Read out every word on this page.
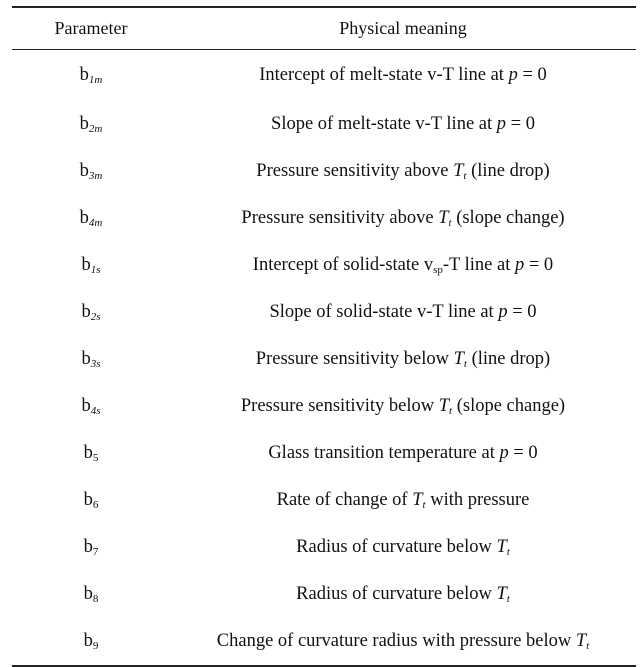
Parameter	Physical meaning
$b_{1m}$	Intercept of melt-state v-T line at p = 0
$b_{2m}$	Slope of melt-state v-T line at p = 0
$b_{3m}$	Pressure sensitivity above Tt (line drop)
$b_{4m}$	Pressure sensitivity above Tt (slope change)
$b_{1s}$	Intercept of solid-state $v_{sp}-T$ line at p = 0
$b_{2s}$	Slope of solid-state v-T line at p = 0
$b_{3s}$	Pressure sensitivity below Tt (line drop)
$b_{4s}$	Pressure sensitivity below Tt (slope change)
$b_5$	Glass transition temperature at p = 0
$b_6$	Rate of change of Tt with pressure
$b_7$	Radius of curvature below Tt
$b_8$	Radius of curvature below Tt
$b_9$	Change of curvature radius with pressure below Tt
